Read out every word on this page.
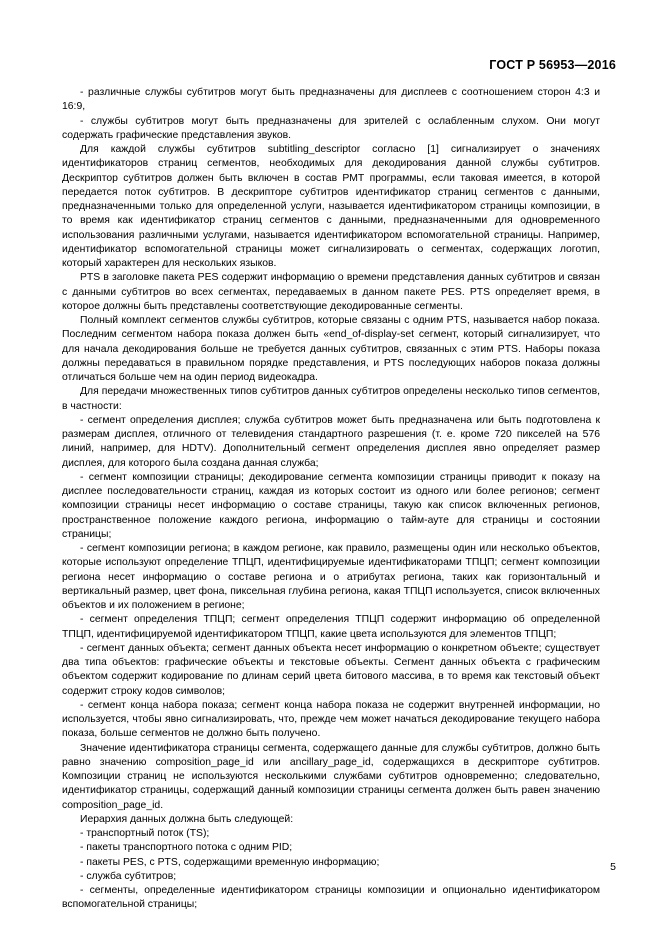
ГОСТ Р 56953—2016

- различные службы субтитров могут быть предназначены для дисплеев с соотношением сторон 4:3 и 16:9,

- службы субтитров могут быть предназначены для зрителей с ослабленным слухом. Они могут содержать графические представления звуков.

Для каждой службы субтитров subtitling_descriptor согласно [1] сигнализирует о значениях идентификаторов страниц сегментов, необходимых для декодирования данной службы субтитров. Дескриптор субтитров должен быть включен в состав РМТ программы, если таковая имеется, в которой передается поток субтитров. В дескрипторе субтитров идентификатор страниц сегментов с данными, предназначенными только для определенной услуги, называется идентификатором страницы композиции, в то время как идентификатор страниц сегментов с данными, предназначенными для одновременного использования различными услугами, называется идентификатором вспомогательной страницы. Например, идентификатор вспомогательной страницы может сигнализировать о сегментах, содержащих логотип, который характерен для нескольких языков.

PTS в заголовке пакета PES содержит информацию о времени представления данных субтитров и связан с данными субтитров во всех сегментах, передаваемых в данном пакете PES. PTS определяет время, в которое должны быть представлены соответствующие декодированные сегменты.

Полный комплект сегментов службы субтитров, которые связаны с одним PTS, называется набор показа. Последним сегментом набора показа должен быть «end_of-display-set сегмент, который сигнализирует, что для начала декодирования больше не требуется данных субтитров, связанных с этим PTS. Наборы показа должны передаваться в правильном порядке представления, и PTS последующих наборов показа должны отличаться больше чем на один период видеокадра.

Для передачи множественных типов субтитров данных субтитров определены несколько типов сегментов, в частности:

- сегмент определения дисплея; служба субтитров может быть предназначена или быть подготовлена к размерам дисплея, отличного от телевидения стандартного разрешения (т. е. кроме 720 пикселей на 576 линий, например, для HDTV). Дополнительный сегмент определения дисплея явно определяет размер дисплея, для которого была создана данная служба;

- сегмент композиции страницы; декодирование сегмента композиции страницы приводит к показу на дисплее последовательности страниц, каждая из которых состоит из одного или более регионов; сегмент композиции страницы несет информацию о составе страницы, такую как список включенных регионов, пространственное положение каждого региона, информацию о тайм-ауте для страницы и состоянии страницы;

- сегмент композиции региона; в каждом регионе, как правило, размещены один или несколько объектов, которые используют определение ТПЦП, идентифицируемые идентификаторами ТПЦП; сегмент композиции региона несет информацию о составе региона и о атрибутах региона, таких как горизонтальный и вертикальный размер, цвет фона, пиксельная глубина региона, какая ТПЦП используется, список включенных объектов и их положением в регионе;

- сегмент определения ТПЦП; сегмент определения ТПЦП содержит информацию об определенной ТПЦП, идентифицируемой идентификатором ТПЦП, какие цвета используются для элементов ТПЦП;

- сегмент данных объекта; сегмент данных объекта несет информацию о конкретном объекте; существует два типа объектов: графические объекты и текстовые объекты. Сегмент данных объекта с графическим объектом содержит кодирование по длинам серий цвета битового массива, в то время как текстовый объект содержит строку кодов символов;

- сегмент конца набора показа; сегмент конца набора показа не содержит внутренней информации, но используется, чтобы явно сигнализировать, что, прежде чем может начаться декодирование текущего набора показа, больше сегментов не должно быть получено.

Значение идентификатора страницы сегмента, содержащего данные для службы субтитров, должно быть равно значению composition_page_id или ancillary_page_id, содержащихся в дескрипторе субтитров. Композиции страниц не используются несколькими службами субтитров одновременно; следовательно, идентификатор страницы, содержащий данный композиции страницы сегмента должен быть равен значению composition_page_id.

Иерархия данных должна быть следующей:

- транспортный поток (TS);

- пакеты транспортного потока с одним PID;

- пакеты PES, с PTS, содержащими временную информацию;

- служба субтитров;

- сегменты, определенные идентификатором страницы композиции и опционально идентификатором вспомогательной страницы;

5
